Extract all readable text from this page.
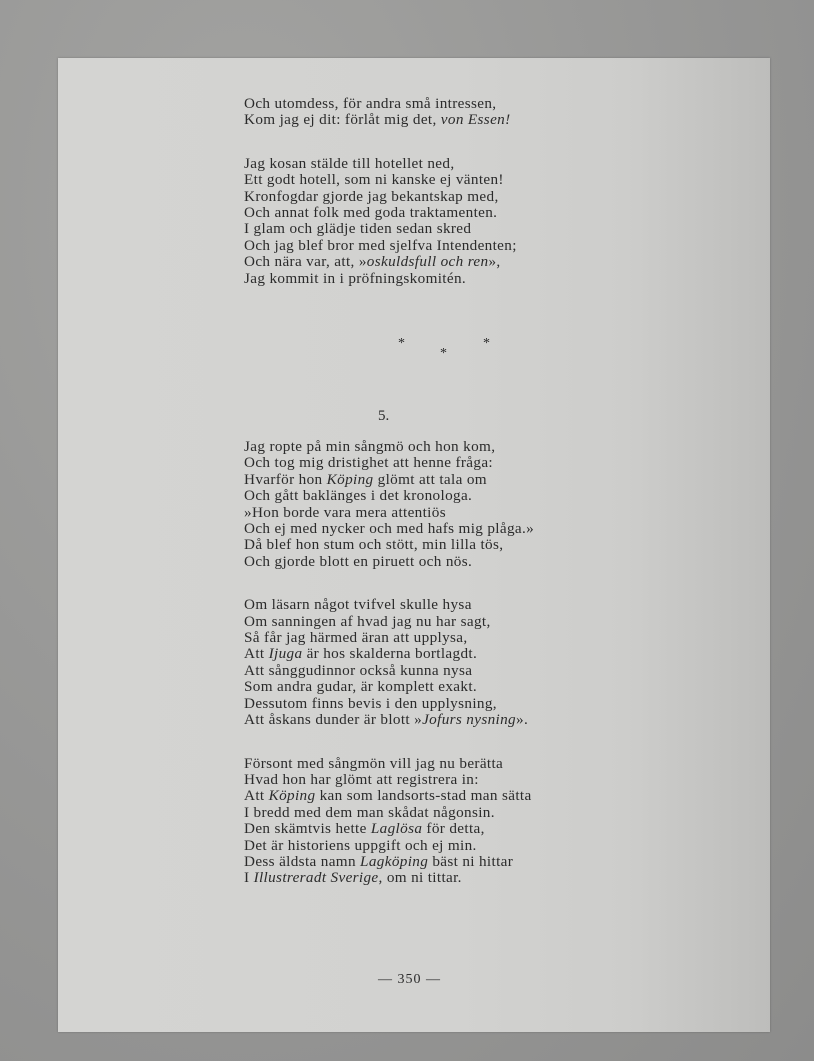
Och utomdess, för andra små intressen,
Kom jag ej dit: förlåt mig det, von Essen!
Jag kosan stälde till hotellet ned,
Ett godt hotell, som ni kanske ej vänten!
Kronfogdar gjorde jag bekantskap med,
Och annat folk med goda traktamenten.
I glam och glädje tiden sedan skred
Och jag blef bror med sjelfva Intendenten;
Och nära var, att, »oskuldsfull och ren»,
Jag kommit in i pröfningskomitén.
*
*
*
5.
Jag ropte på min sångmö och hon kom,
Och tog mig dristighet att henne fråga:
Hvarför hon Köping glömt att tala om
Och gått baklänges i det kronologa.
»Hon borde vara mera attentiös
Och ej med nycker och med hafs mig plåga.»
Då blef hon stum och stött, min lilla tös,
Och gjorde blott en piruett och nös.
Om läsarn något tvifvel skulle hysa
Om sanningen af hvad jag nu har sagt,
Så får jag härmed äran att upplysa,
Att Ijuga är hos skalderna bortlagdt.
Att sånggudinnor också kunna nysa
Som andra gudar, är komplett exakt.
Dessutom finns bevis i den upplysning,
Att åskans dunder är blott »Jofurs nysning».
Försont med sångmön vill jag nu berätta
Hvad hon har glömt att registrera in:
Att Köping kan som landsorts-stad man sätta
I bredd med dem man skådat någonsin.
Den skämtvis hette Laglösa för detta,
Det är historiens uppgift och ej min.
Dess äldsta namn Lagköping bäst ni hittar
I Illustreradt Sverige, om ni tittar.
— 350 —
